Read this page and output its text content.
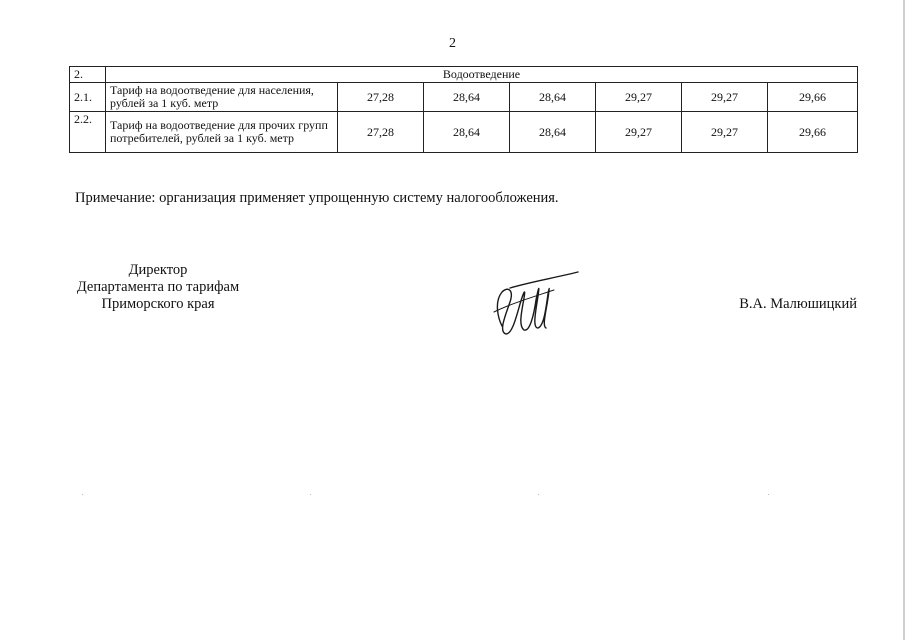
2
2.	Водоотведение						
2.1.	Тариф на водоотведение для населения, рублей за 1 куб. метр	27,28	28,64	28,64	29,27	29,27	29,66
2.2.	Тариф на водоотведение для прочих групп потребителей, рублей за 1 куб. метр	27,28	28,64	28,64	29,27	29,27	29,66
Примечание: организация применяет упрощенную систему налогообложения.
Директор
Департамента по тарифам
Приморского края	В.А. Малюшицкий
